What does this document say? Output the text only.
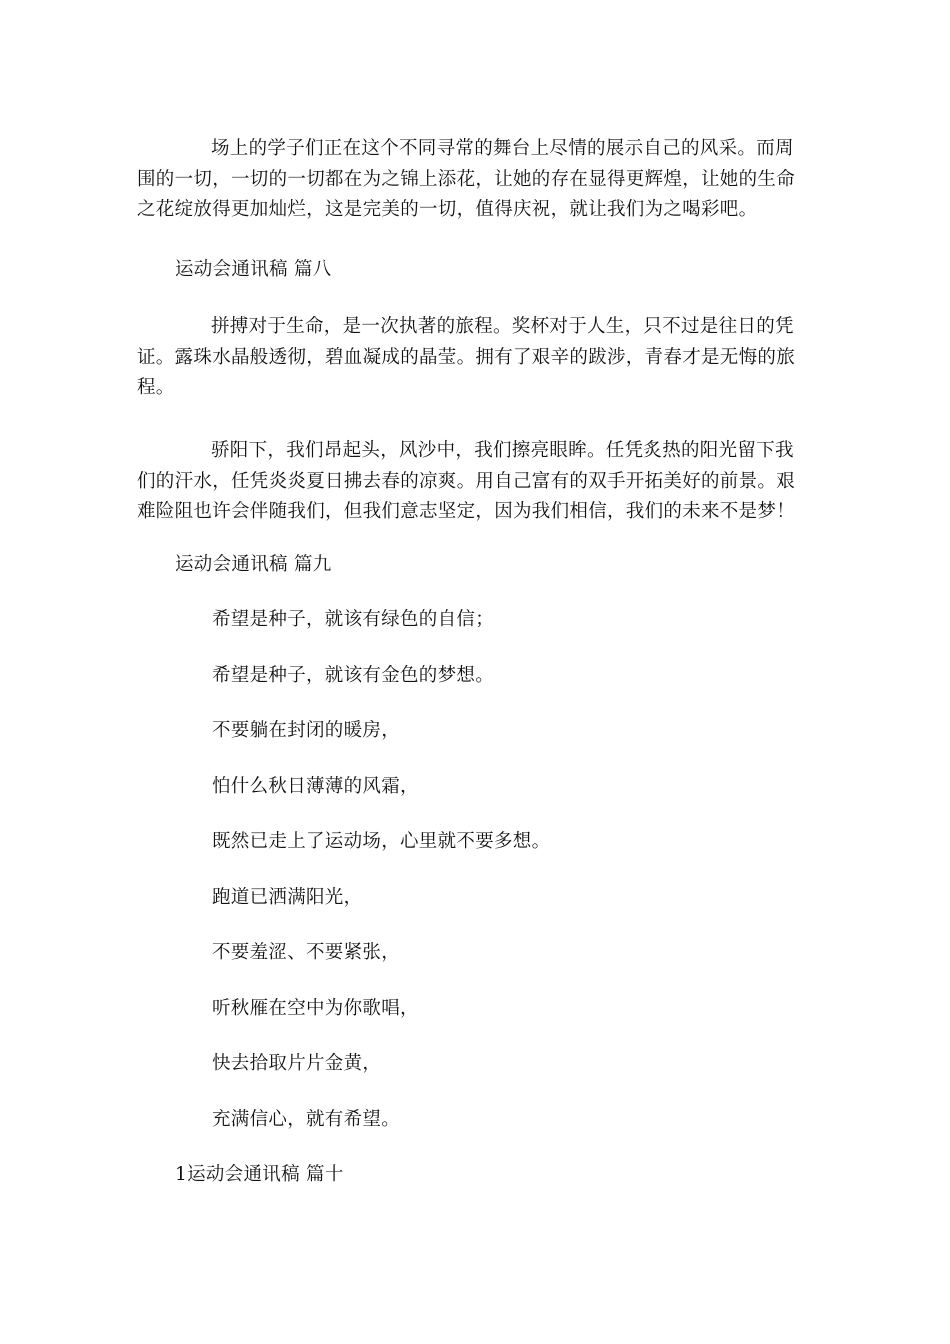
场上的学子们正在这个不同寻常的舞台上尽情的展示自己的风采。而周围的一切，一切的一切都在为之锦上添花，让她的存在显得更辉煌，让她的生命之花绽放得更加灿烂，这是完美的一切，值得庆祝，就让我们为之喝彩吧。

运动会通讯稿 篇八

拼搏对于生命，是一次执著的旅程。奖杯对于人生，只不过是往日的凭证。露珠水晶般透彻，碧血凝成的晶莹。拥有了艰辛的跋涉，青春才是无悔的旅程。

骄阳下，我们昂起头，风沙中，我们擦亮眼眸。任凭炙热的阳光留下我们的汗水，任凭炎炎夏日拂去春的凉爽。用自己富有的双手开拓美好的前景。艰难险阻也许会伴随我们，但我们意志坚定，因为我们相信，我们的未来不是梦！

运动会通讯稿 篇九

希望是种子，就该有绿色的自信；

希望是种子，就该有金色的梦想。

不要躺在封闭的暖房，

怕什么秋日薄薄的风霜，

既然已走上了运动场，心里就不要多想。

跑道已洒满阳光，

不要羞涩、不要紧张，

听秋雁在空中为你歌唱，

快去拾取片片金黄，

充满信心，就有希望。

1运动会通讯稿 篇十
